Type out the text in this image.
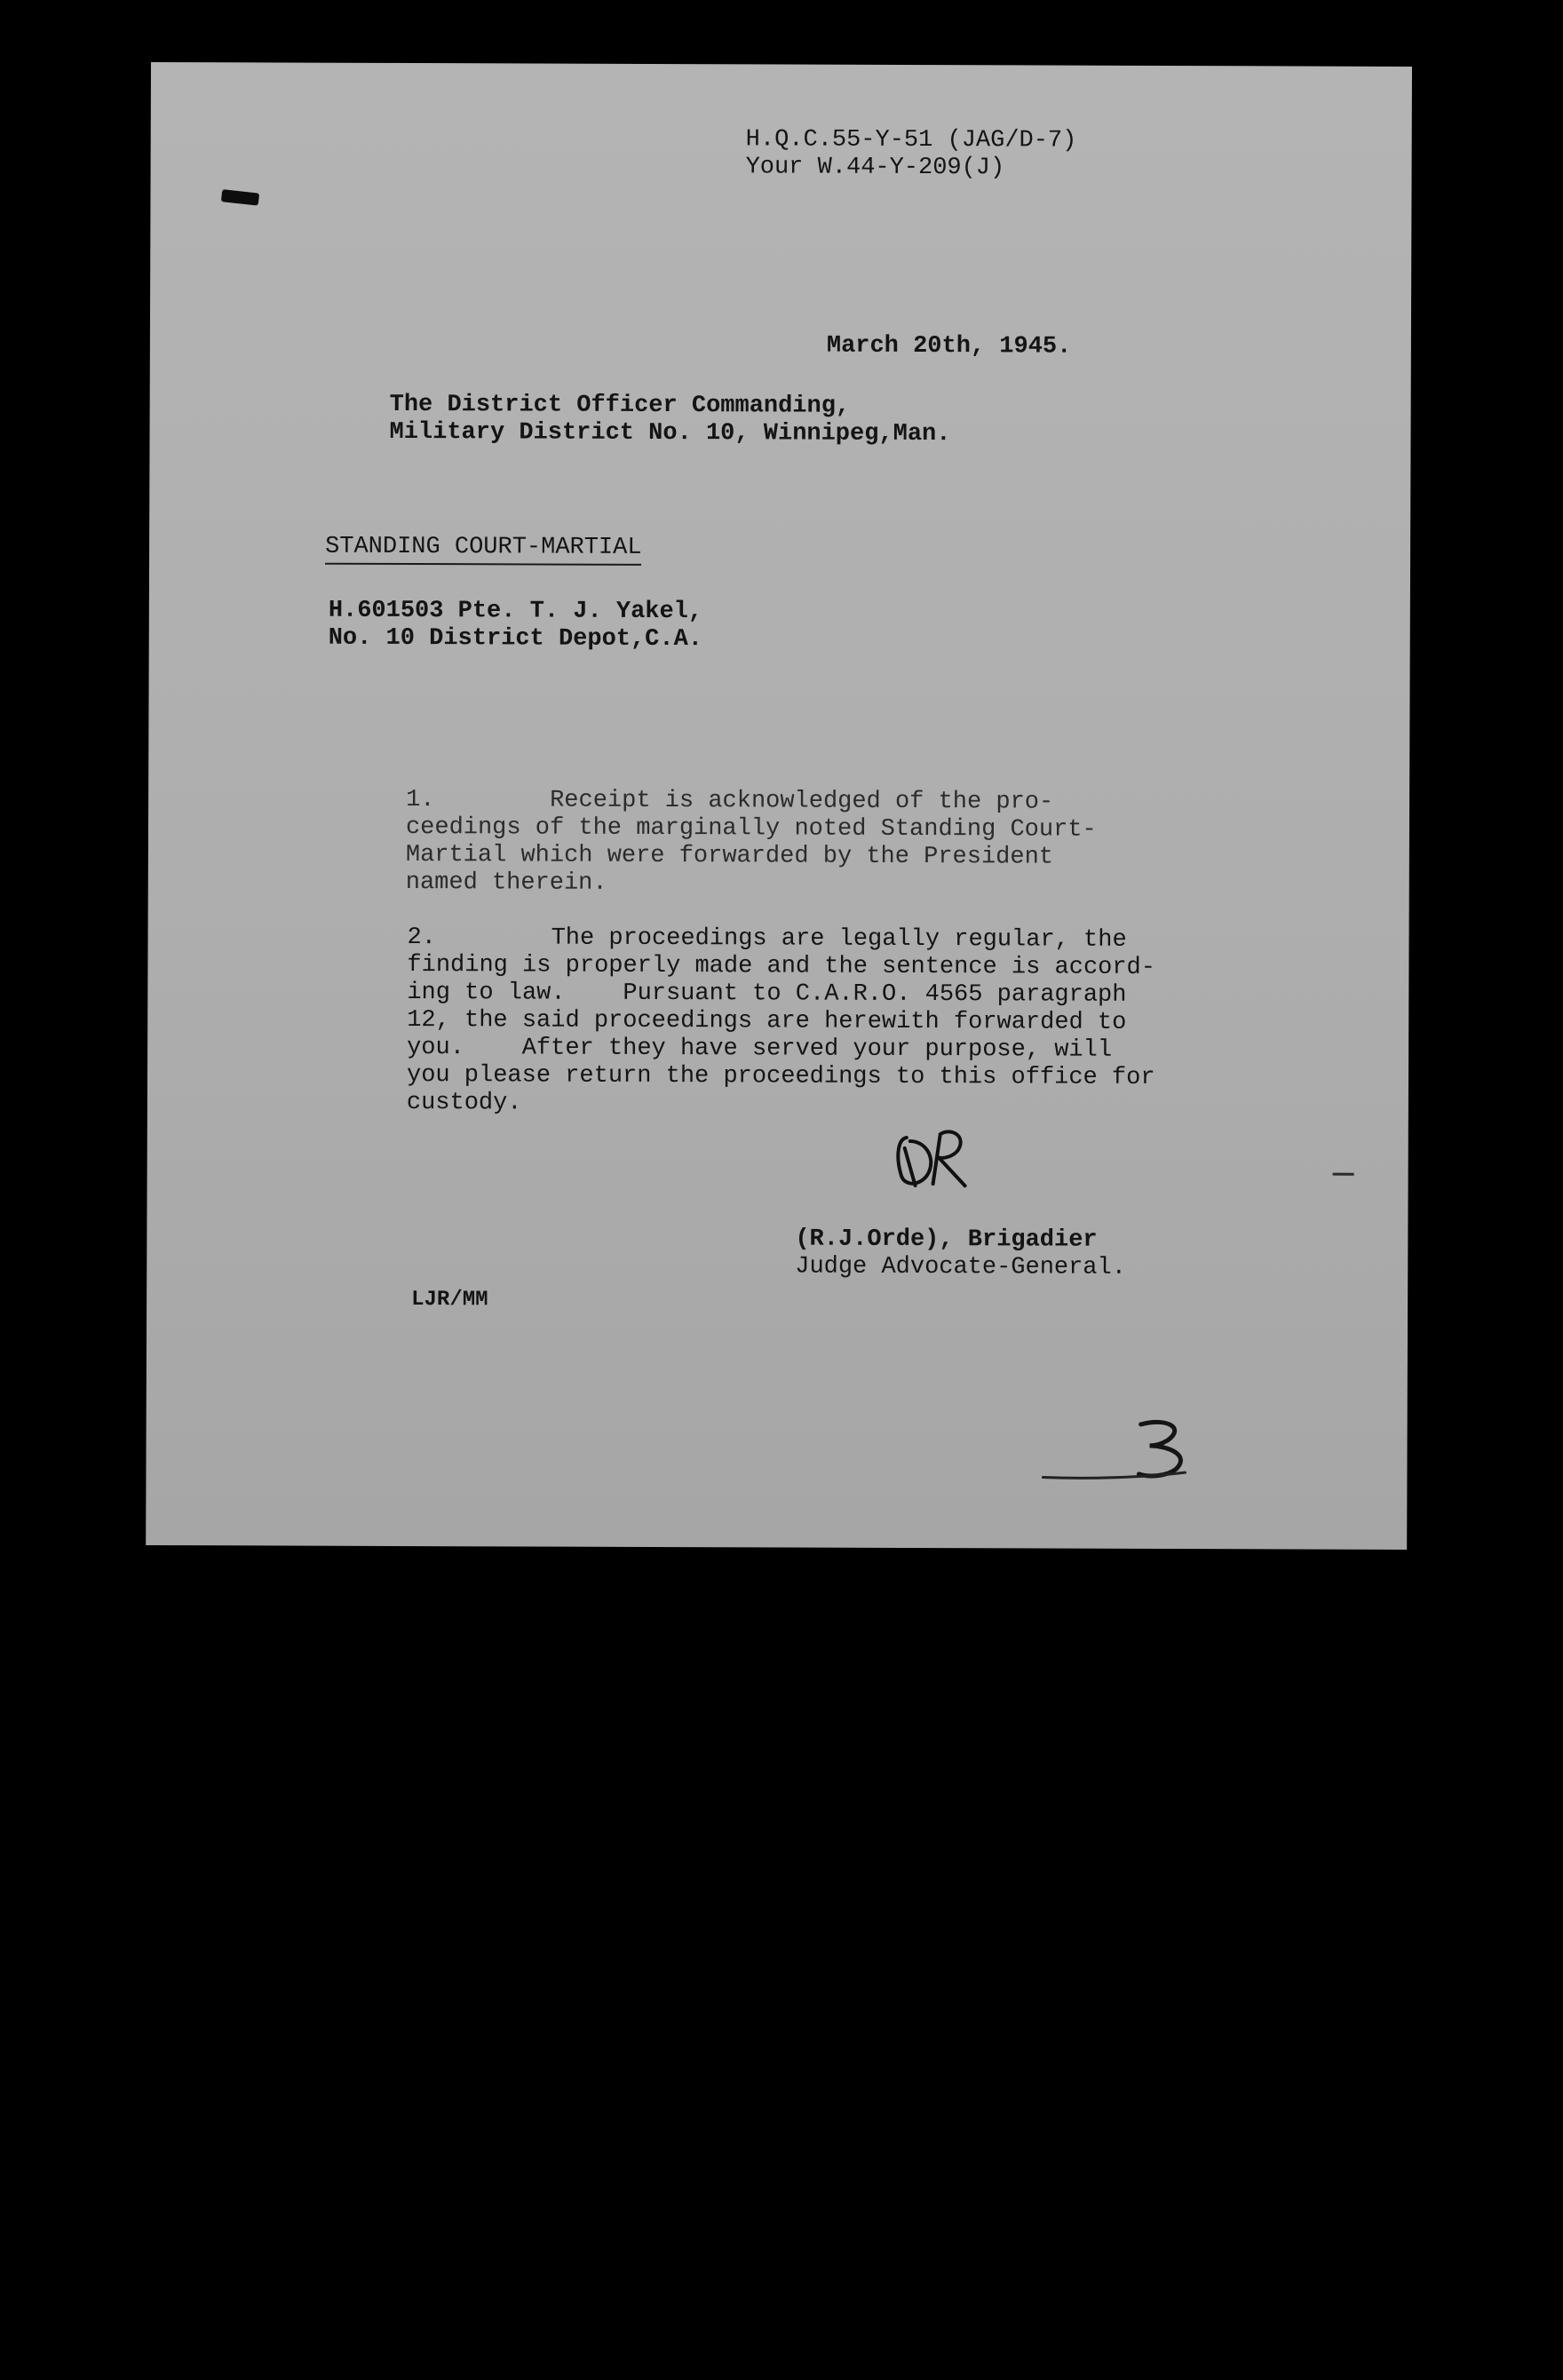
H.Q.C.55-Y-51 (JAG/D-7)
Your W.44-Y-209(J)
March 20th, 1945.
The District Officer Commanding,
Military District No. 10, Winnipeg,Man.
STANDING COURT-MARTIAL
H.601503 Pte. T. J. Yakel,
No. 10 District Depot,C.A.
1.        Receipt is acknowledged of the pro-
ceedings of the marginally noted Standing Court-
Martial which were forwarded by the President
named therein.
2.        The proceedings are legally regular, the
finding is properly made and the sentence is accord-
ing to law.    Pursuant to C.A.R.O. 4565 paragraph
12, the said proceedings are herewith forwarded to
you.    After they have served your purpose, will
you please return the proceedings to this office for
custody.
(R.J.Orde), Brigadier
Judge Advocate-General.
LJR/MM
